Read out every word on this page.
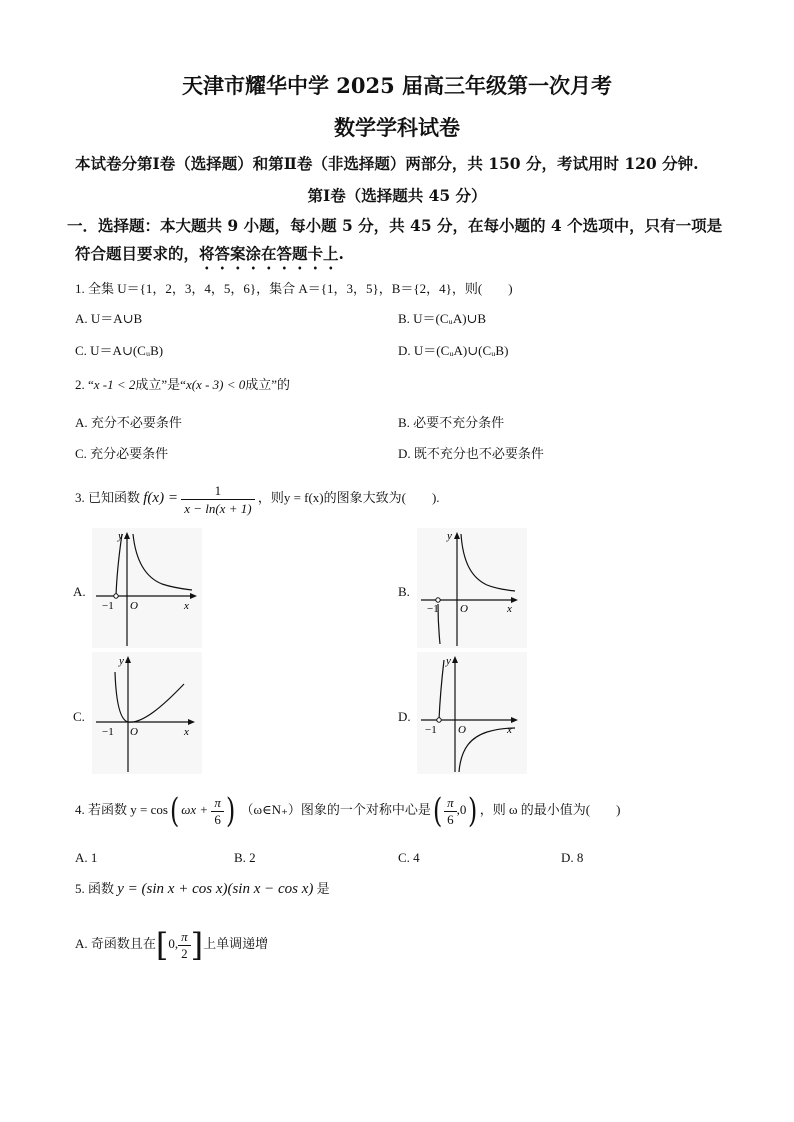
天津市耀华中学 2025 届高三年级第一次月考
数学学科试卷
本试卷分第Ⅰ卷（选择题）和第Ⅱ卷（非选择题）两部分，共 150 分，考试用时 120 分钟.
第Ⅰ卷（选择题共 45 分）
一．选择题：本大题共 9 小题，每小题 5 分，共 45 分，在每小题的 4 个选项中，只有一项是
符合题目要求的，将答案涂在答题卡上.
1. 全集 U＝{1，2，3，4，5，6}，集合 A＝{1，3，5}，B＝{2，4}，则(　　)
A. U＝A∪B	B. U＝(CᵤA)∪B
C. U＝A∪(CᵤB)	D. U＝(CᵤA)∪(CᵤB)
2. “x -1 < 2成立”是“x(x - 3) < 0成立”的
A. 充分不必要条件	B. 必要不充分条件
C. 充分必要条件	D. 既不充分也不必要条件
3. 已知函数 $f(x) = \frac{1}{x - \ln(x + 1)}$ ，则y = f(x)的图象大致为(　　).
A.	B.
C.	D.
y
x
O
−1
y
x
O
−1
y
x
O
−1
y
x
O
−1
4. 若函数 y = cos( $\omega x + \frac{\pi}{6}$ ) （ω∈N₊）图象的一个对称中心是( $\frac{\pi}{6} ,0$) ，则 ω 的最小值为(　　)
A. 1	B. 2	C. 4	D. 8
5. 函数 y = (sin x + cos x)(sin x − cos x) 是
A. 奇函数且在[0, $\frac{\pi}{2}$ ]上单调递增
